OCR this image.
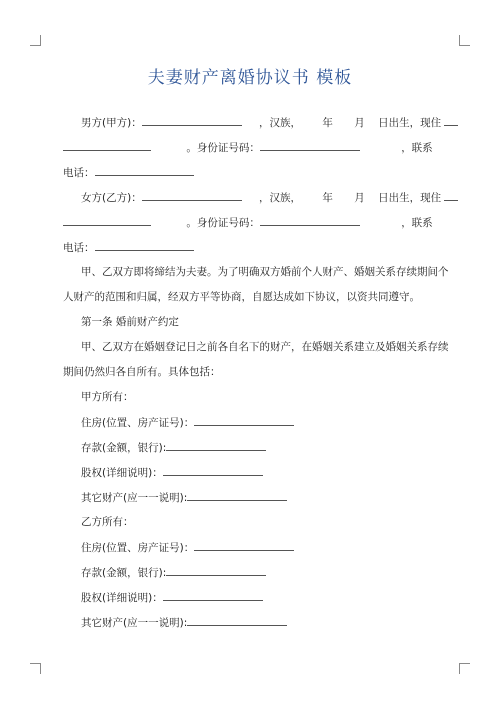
夫妻财产离婚协议书 模板
男方(甲方)：	，汉族， 年 月 日出生，现住
。身份证号码：	，联系
电话：
女方(乙方)：	，汉族， 年 月 日出生，现住
。身份证号码：	，联系
电话：
甲、乙双方即将缔结为夫妻。为了明确双方婚前个人财产、婚姻关系存续期间个
人财产的范围和归属，经双方平等协商，自愿达成如下协议，以资共同遵守。
第一条 婚前财产约定
甲、乙双方在婚姻登记日之前各自名下的财产，在婚姻关系建立及婚姻关系存续
期间仍然归各自所有。具体包括：
甲方所有：
住房(位置、房产证号)：
存款(金额，银行):
股权(详细说明)：
其它财产(应一一说明):
乙方所有：
住房(位置、房产证号)：
存款(金额，银行):
股权(详细说明)：
其它财产(应一一说明):
